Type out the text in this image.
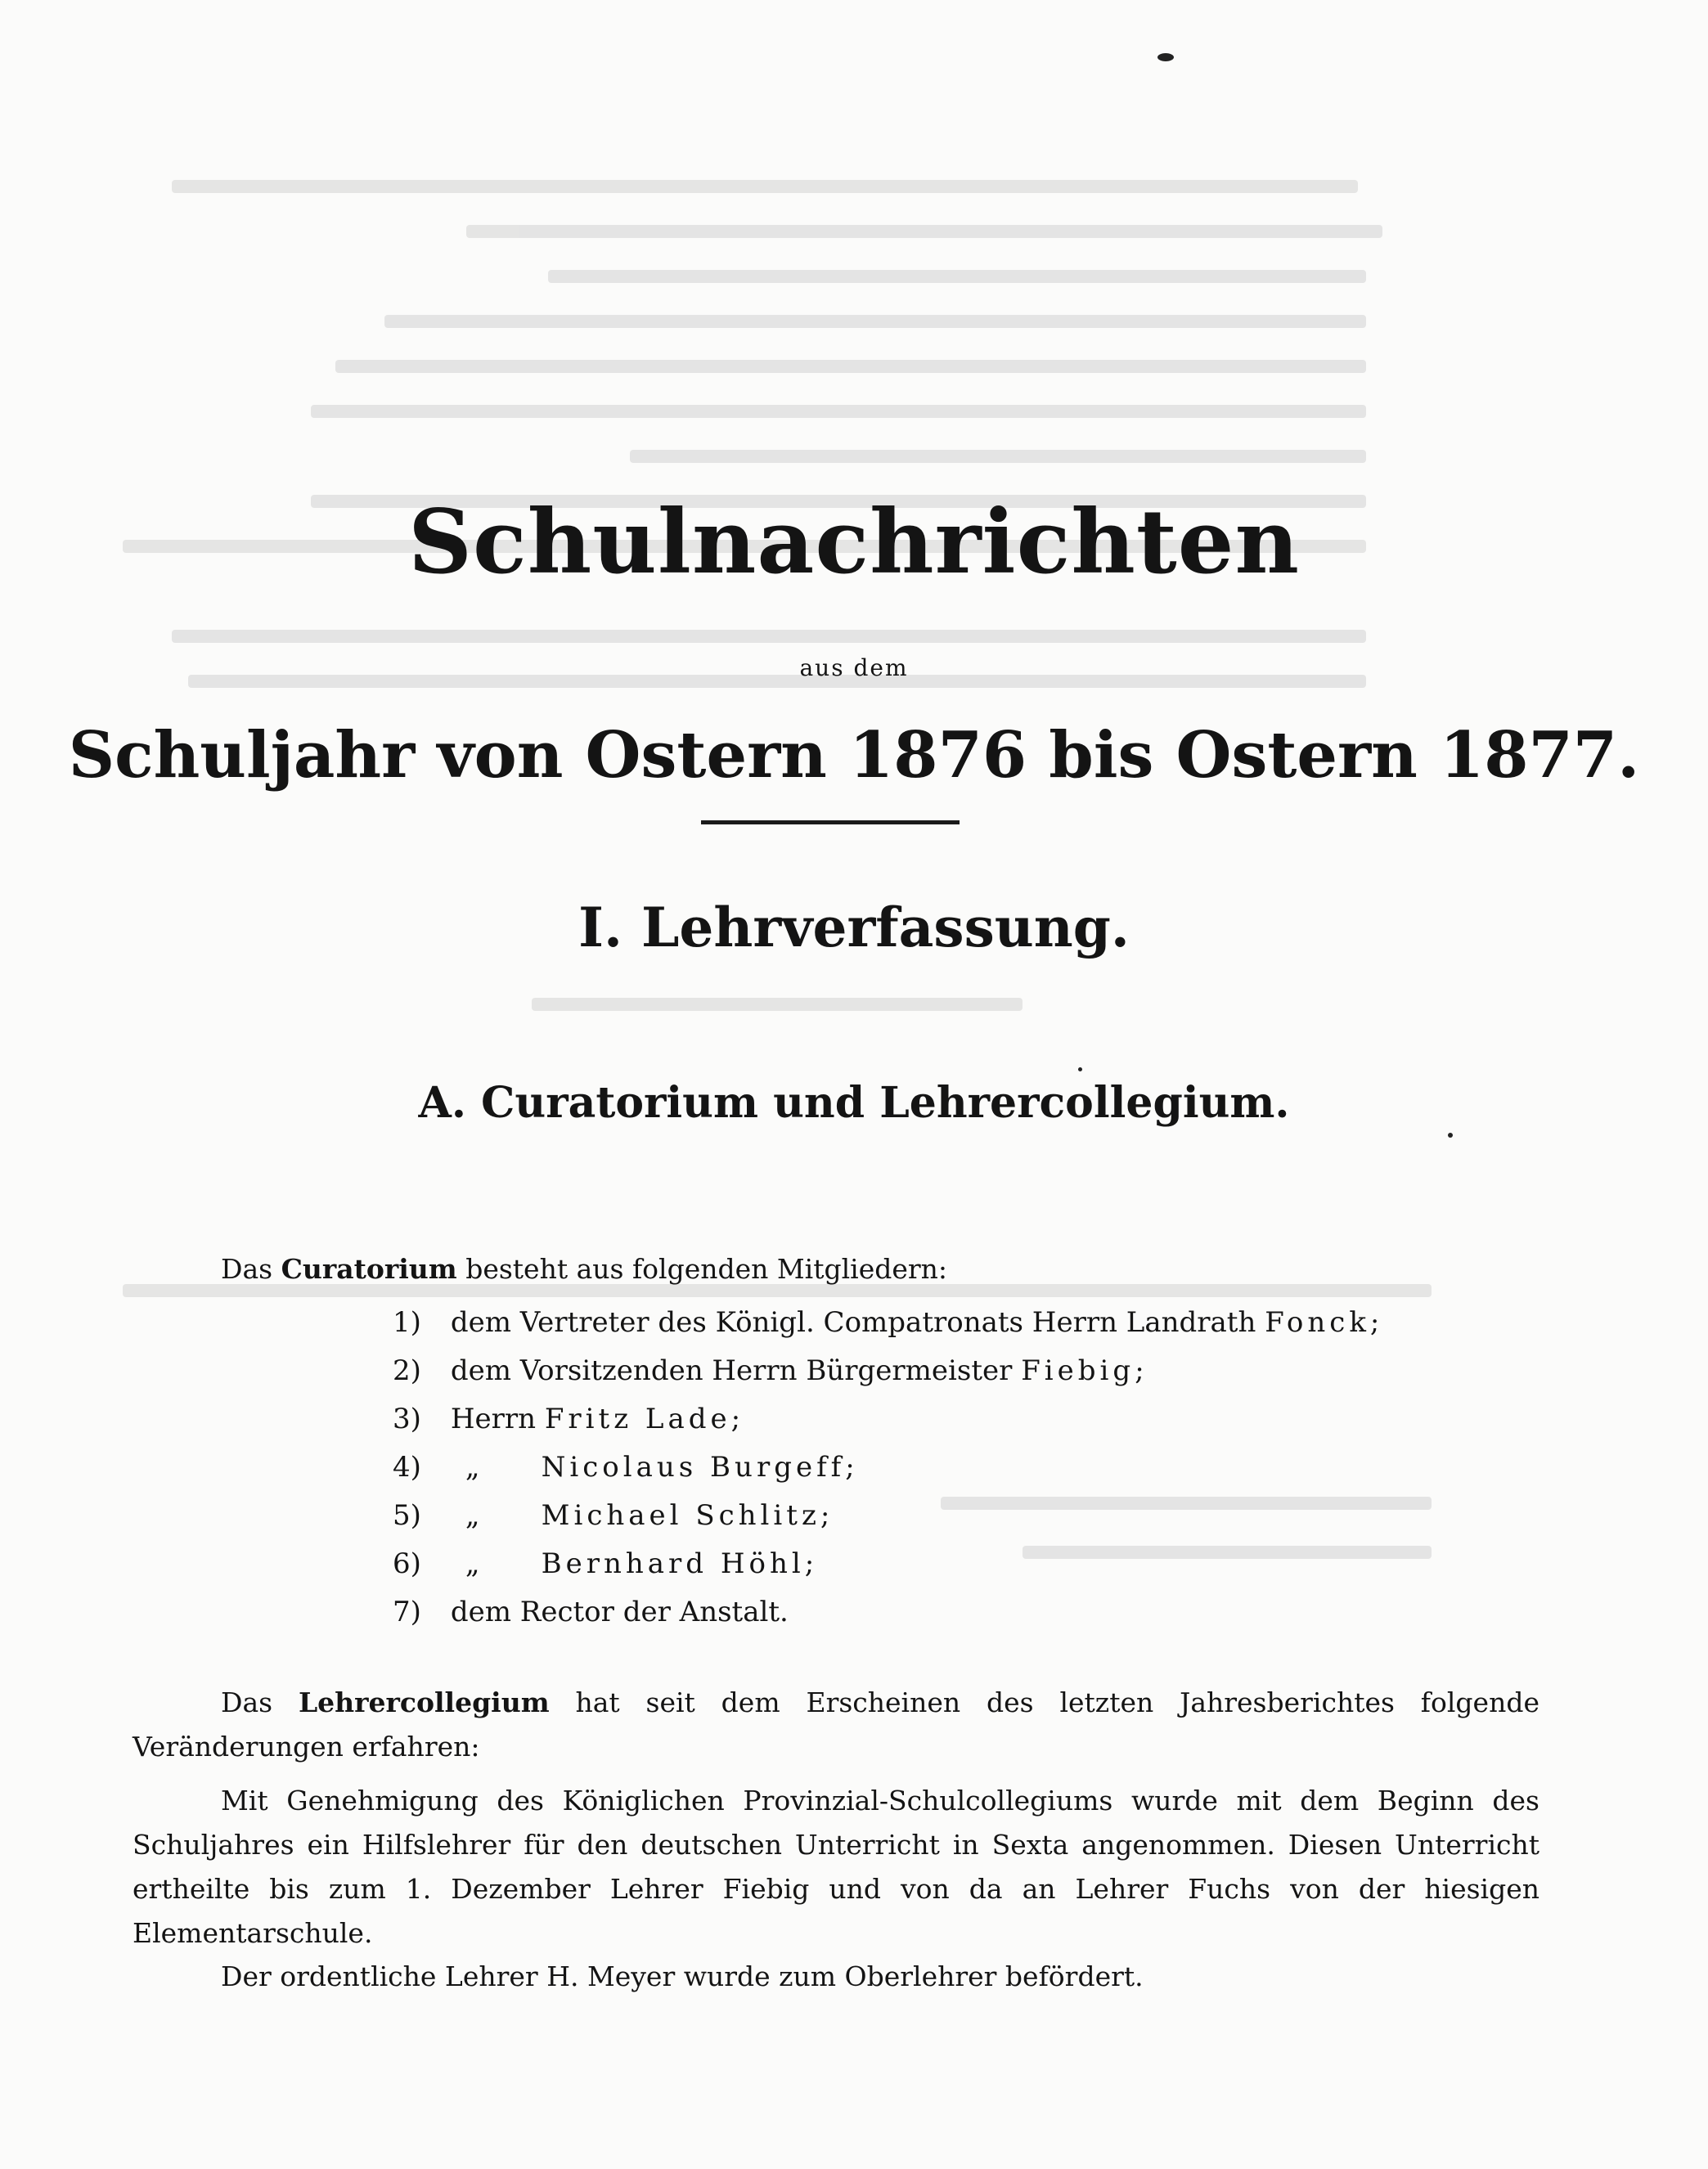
Schulnachrichten
aus dem
Schuljahr von Ostern 1876 bis Ostern 1877.
I. Lehrverfassung.
A. Curatorium und Lehrercollegium.
Das Curatorium besteht aus folgenden Mitgliedern:
1) dem Vertreter des Königl. Compatronats Herrn Landrath Fonck;
2) dem Vorsitzenden Herrn Bürgermeister Fiebig;
3) Herrn Fritz Lade;
4) „ Nicolaus Burgeff;
5) „ Michael Schlitz;
6) „ Bernhard Höhl;
7) dem Rector der Anstalt.

Das Lehrercollegium hat seit dem Erscheinen des letzten Jahresberichtes folgende Veränderungen erfahren:

Mit Genehmigung des Königlichen Provinzial-Schulcollegiums wurde mit dem Beginn des Schuljahres ein Hilfslehrer für den deutschen Unterricht in Sexta angenommen. Diesen Unterricht ertheilte bis zum 1. Dezember Lehrer Fiebig und von da an Lehrer Fuchs von der hiesigen Elementarschule.

Der ordentliche Lehrer H. Meyer wurde zum Oberlehrer befördert.
